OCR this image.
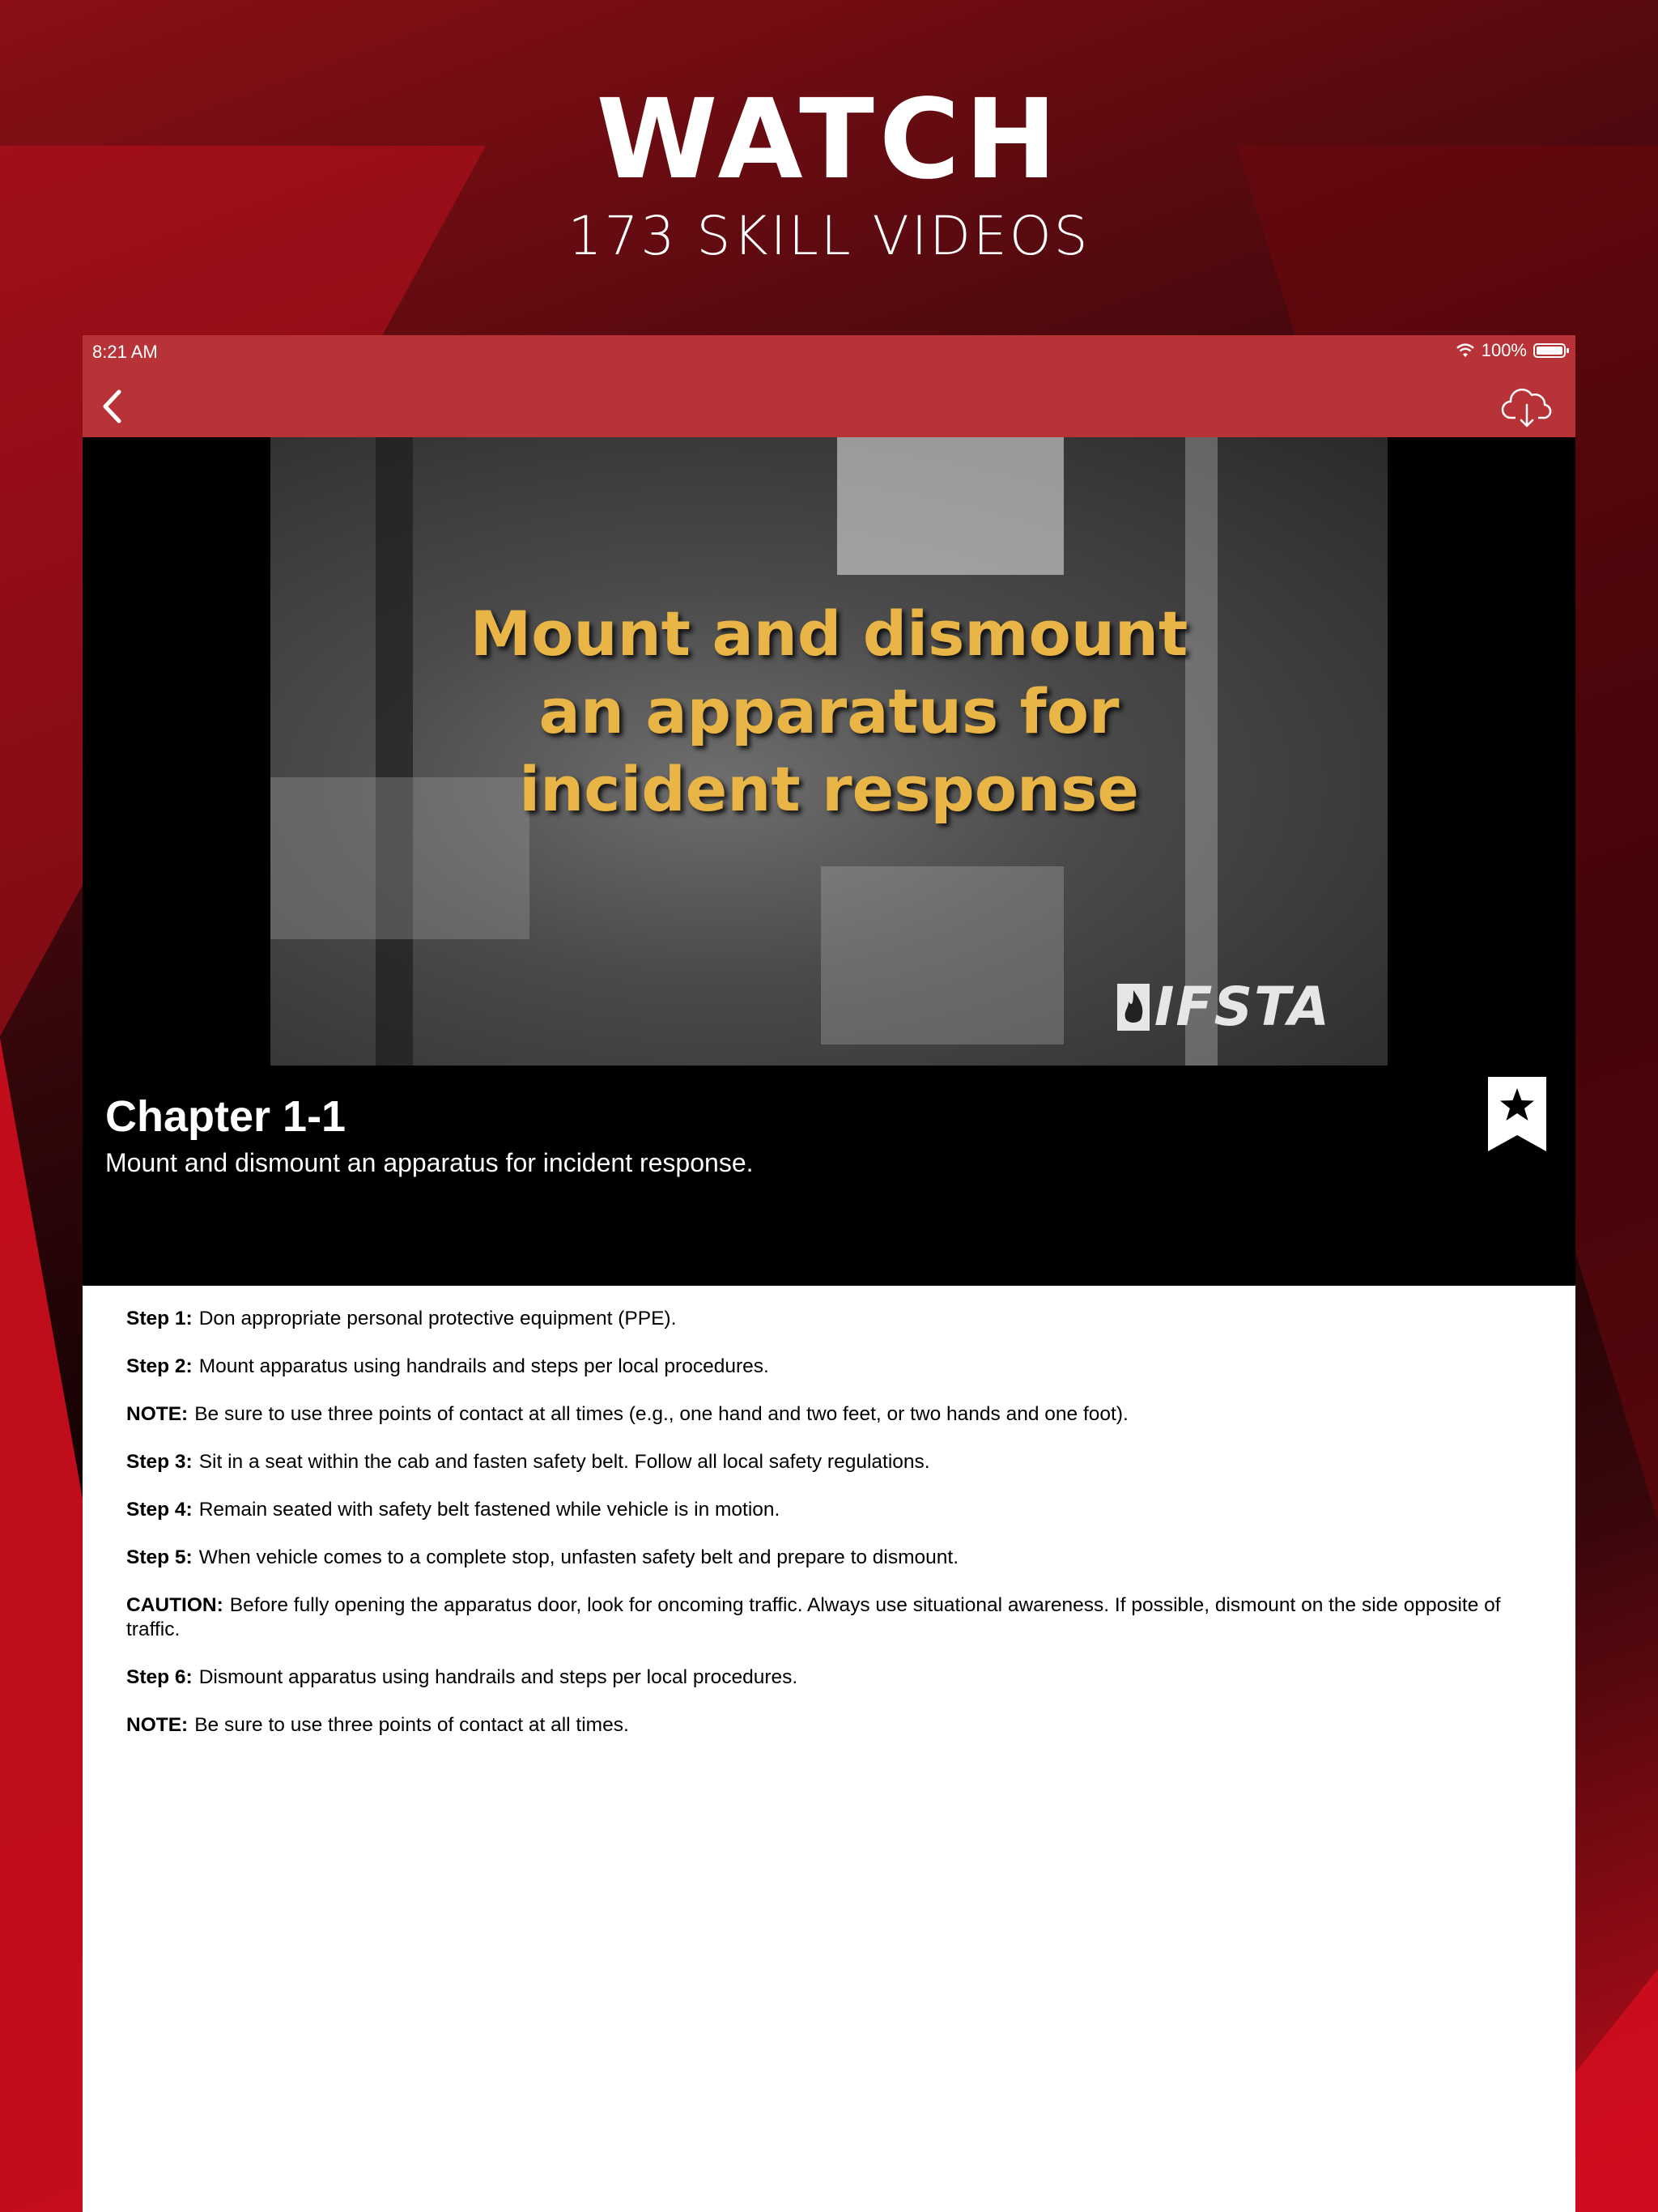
WATCH
173 SKILL VIDEOS
8:21 AM	100%
Mount and dismount
an apparatus for
incident response
IFSTA
Chapter 1-1
Mount and dismount an apparatus for incident response.

Step 1: Don appropriate personal protective equipment (PPE).

Step 2: Mount apparatus using handrails and steps per local procedures.

NOTE: Be sure to use three points of contact at all times (e.g., one hand and two feet, or two hands and one foot).

Step 3: Sit in a seat within the cab and fasten safety belt. Follow all local safety regulations.

Step 4: Remain seated with safety belt fastened while vehicle is in motion.

Step 5: When vehicle comes to a complete stop, unfasten safety belt and prepare to dismount.

CAUTION: Before fully opening the apparatus door, look for oncoming traffic. Always use situational awareness. If possible, dismount on the side opposite of traffic.

Step 6: Dismount apparatus using handrails and steps per local procedures.

NOTE: Be sure to use three points of contact at all times.
